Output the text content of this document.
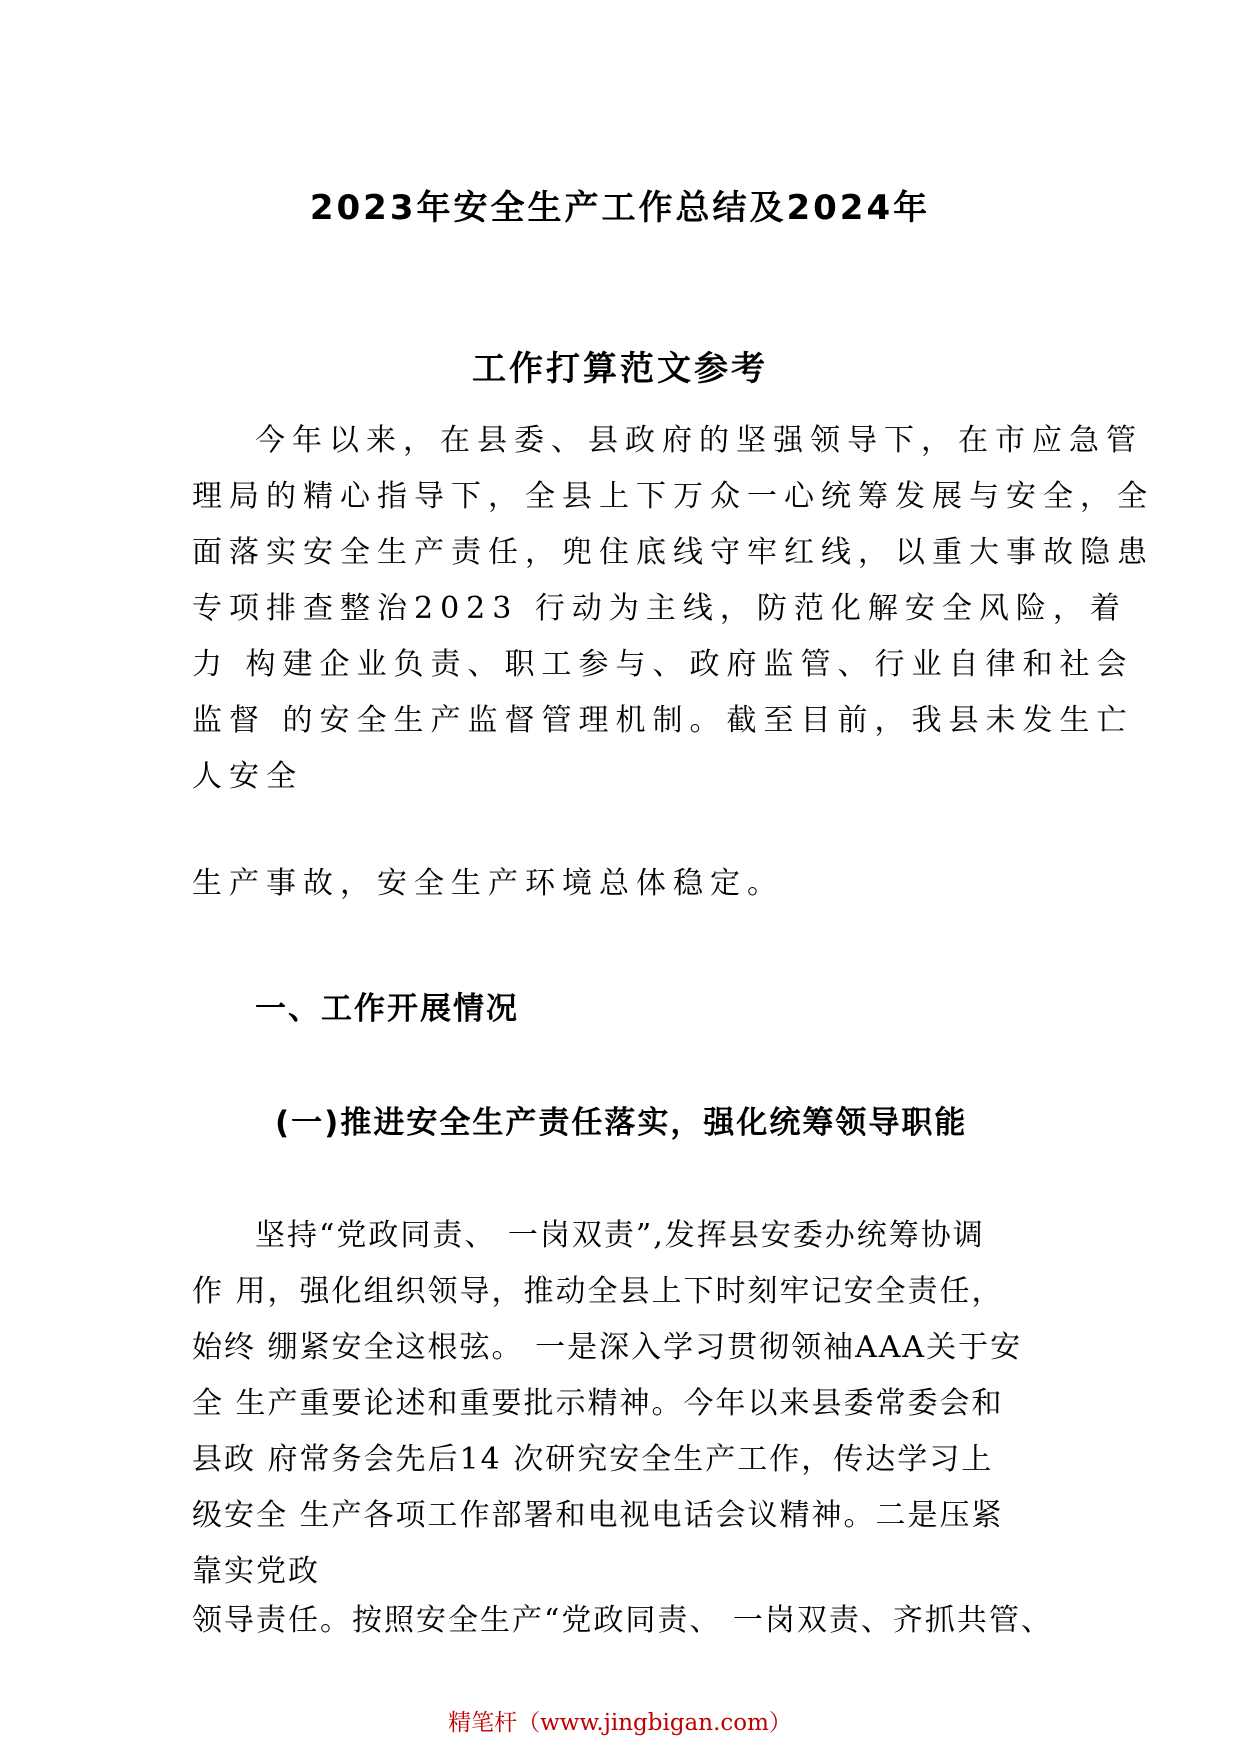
2023年安全生产工作总结及2024年
工作打算范文参考
今年以来，在县委、县政府的坚强领导下，在市应急管
理局的精心指导下，全县上下万众一心统筹发展与安全，全
面落实安全生产责任，兜住底线守牢红线，以重大事故隐患
专项排查整治2023 行动为主线，防范化解安全风险，着
力 构建企业负责、职工参与、政府监管、行业自律和社会
监督 的安全生产监督管理机制。截至目前，我县未发生亡
人安全
生产事故，安全生产环境总体稳定。
一、工作开展情况
(一)推进安全生产责任落实，强化统筹领导职能
坚持“党政同责、 一岗双责”,发挥县安委办统筹协调
作 用，强化组织领导，推动全县上下时刻牢记安全责任，
始终 绷紧安全这根弦。 一是深入学习贯彻领袖AAA关于安
全 生产重要论述和重要批示精神。今年以来县委常委会和
县政 府常务会先后14 次研究安全生产工作，传达学习上
级安全 生产各项工作部署和电视电话会议精神。二是压紧
靠实党政
领导责任。按照安全生产“党政同责、 一岗双责、齐抓共管、
精笔杆（www.jingbigan.com）
